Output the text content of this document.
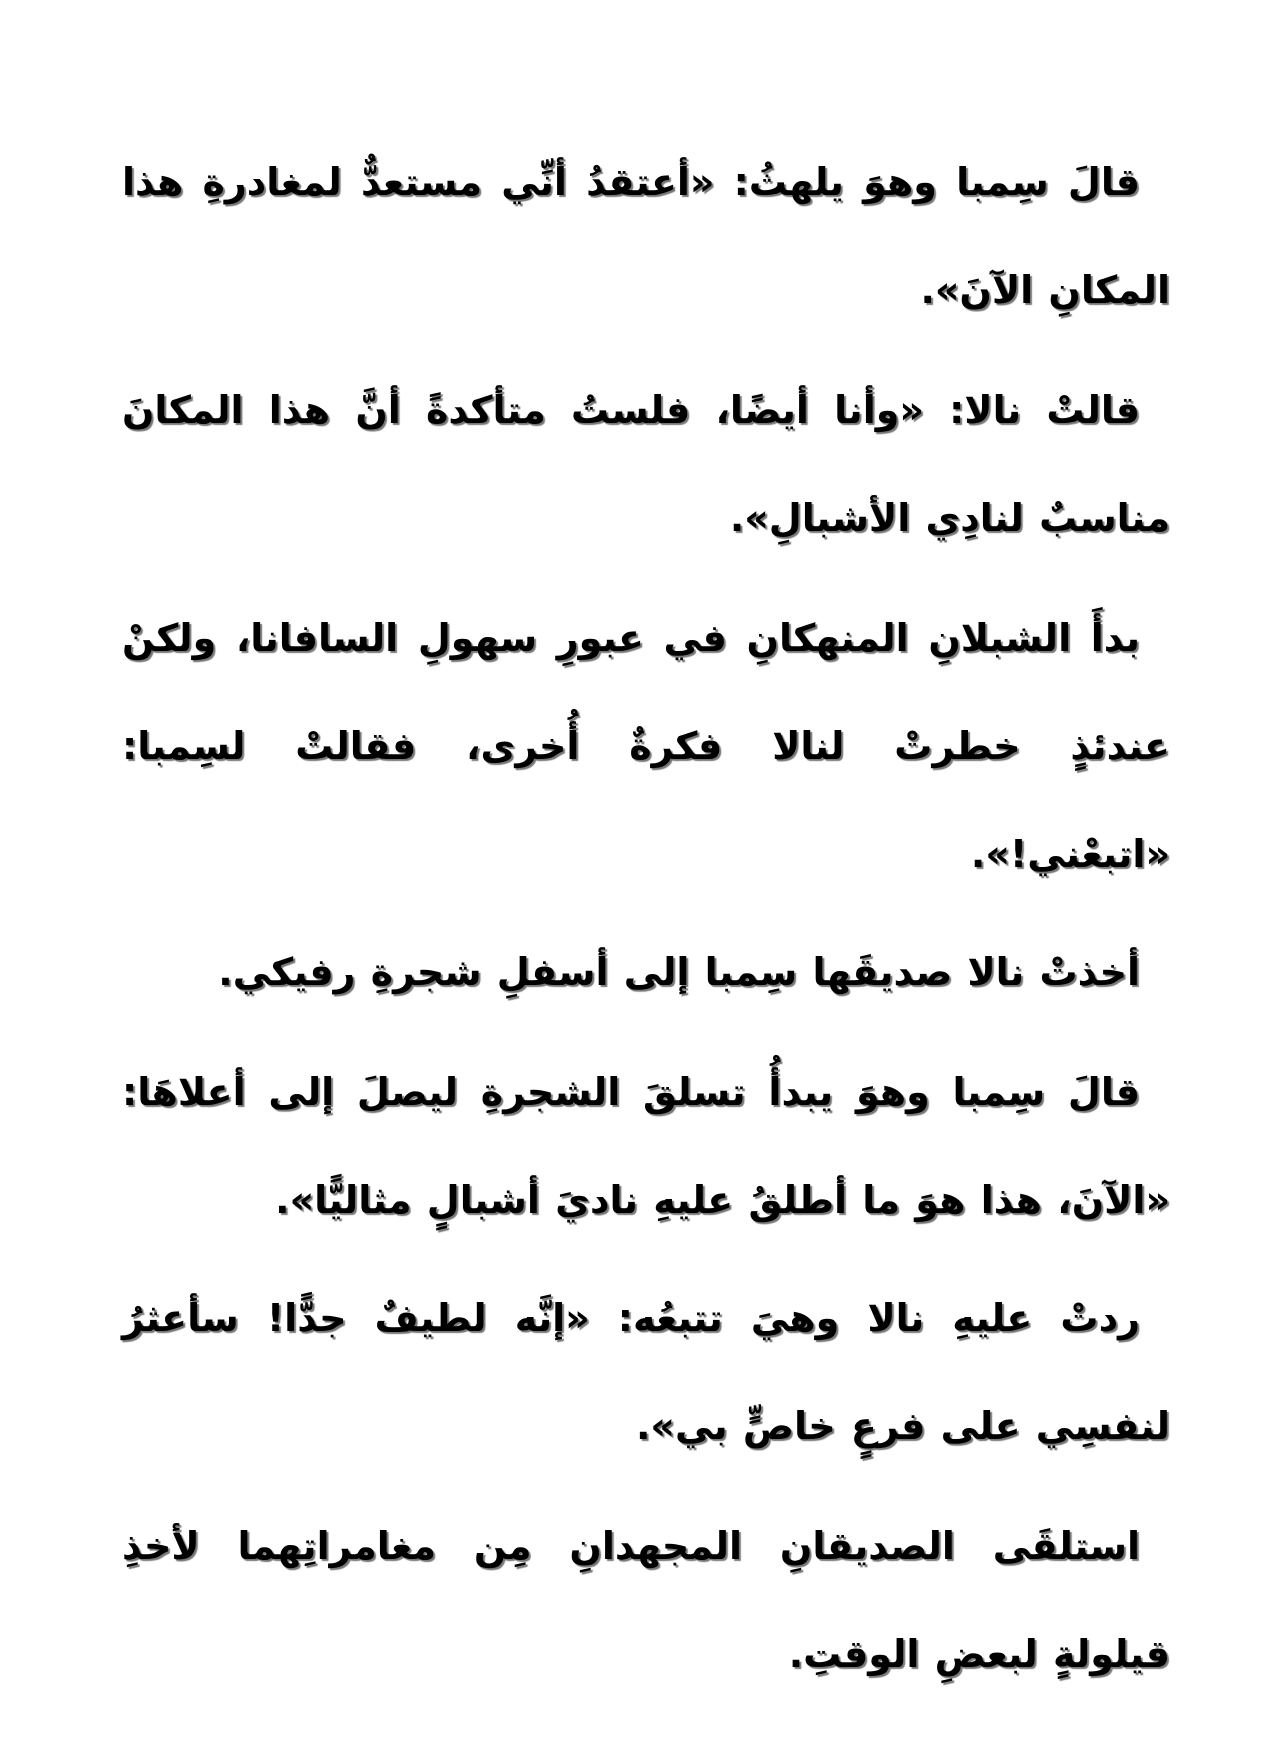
قالَ سِمبا وهوَ يلهثُ: «أعتقدُ أنِّي مستعدٌّ لمغادرةِ هذا المكانِ الآنَ».

قالتْ نالا: «وأنا أيضًا، فلستُ متأكدةً أنَّ هذا المكانَ مناسبٌ لنادِي الأشبالِ».

بدأَ الشبلانِ المنهكانِ في عبورِ سهولِ السافانا، ولكنْ عندئذٍ خطرتْ لنالا فكرةٌ أُخرى، فقالتْ لسِمبا: «اتبعْني!».

أخذتْ نالا صديقَها سِمبا إلى أسفلِ شجرةِ رفيكي.

قالَ سِمبا وهوَ يبدأُ تسلقَ الشجرةِ ليصلَ إلى أعلاهَا: «الآنَ، هذا هوَ ما أطلقُ عليهِ ناديَ أشبالٍ مثاليًّا».

ردتْ عليهِ نالا وهيَ تتبعُه: «إنَّه لطيفٌ جدًّا! سأعثرُ لنفسِي على فرعٍ خاصٍّ بي».

استلقَى الصديقانِ المجهدانِ مِن مغامراتِهما لأخذِ قيلولةٍ لبعضِ الوقتِ.
